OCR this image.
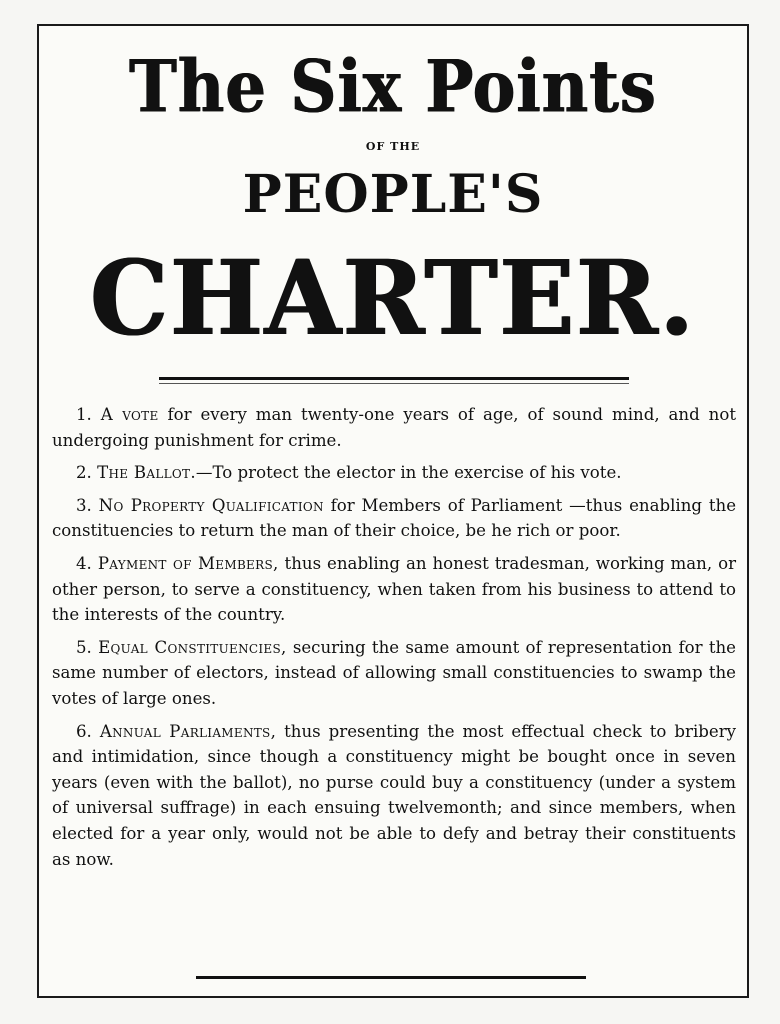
The Six Points
OF THE
PEOPLE'S
CHARTER.

1. A vote for every man twenty-one years of age, of sound mind, and not undergoing punishment for crime.

2. The Ballot.—To protect the elector in the exercise of his vote.

3. No Property Qualification for Members of Parliament —thus enabling the constituencies to return the man of their choice, be he rich or poor.

4. Payment of Members, thus enabling an honest tradesman, working man, or other person, to serve a constituency, when taken from his business to attend to the interests of the country.

5. Equal Constituencies, securing the same amount of representation for the same number of electors, instead of allowing small constituencies to swamp the votes of large ones.

6. Annual Parliaments, thus presenting the most effectual check to bribery and intimidation, since though a constituency might be bought once in seven years (even with the ballot), no purse could buy a constituency (under a system of universal suffrage) in each ensuing twelvemonth; and since members, when elected for a year only, would not be able to defy and betray their constituents as now.
